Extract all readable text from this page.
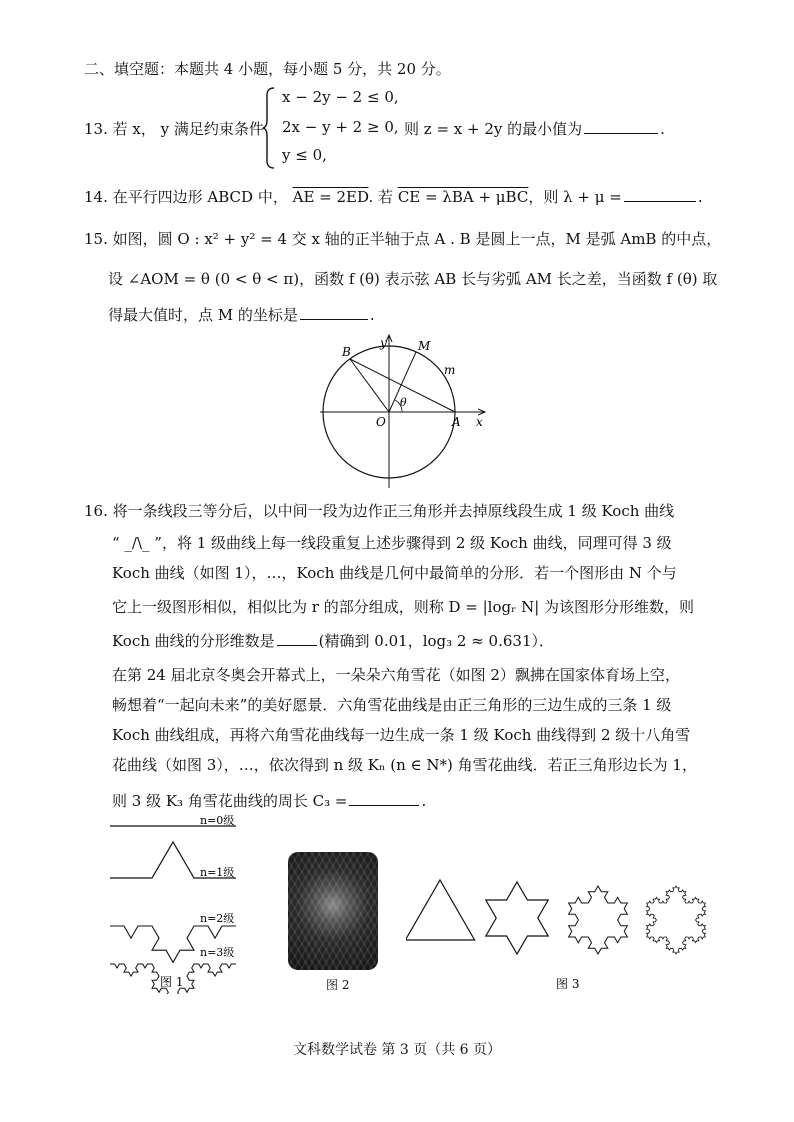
二、填空题：本题共 4 小题，每小题 5 分，共 20 分。
13. 若 x， y 满足约束条件
x − 2y − 2 ≤ 0,
2x − y + 2 ≥ 0,
y ≤ 0,
则 z = x + 2y 的最小值为	.
14. 在平行四边形 ABCD 中， AE = 2ED. 若 CE = λBA + μBC，则 λ + μ =	.
15. 如图，圆 O : x² + y² = 4 交 x 轴的正半轴于点 A . B 是圆上一点，M 是弧 AmB 的中点，
设 ∠AOM = θ (0 < θ < π)，函数 f (θ) 表示弦 AB 长与劣弧 AM 长之差，当函数 f (θ) 取
得最大值时，点 M 的坐标是	.
y
x
O	A
B	M
m
θ
16. 将一条线段三等分后，以中间一段为边作正三角形并去掉原线段生成 1 级 Koch 曲线
“ _/\_ ”，将 1 级曲线上每一线段重复上述步骤得到 2 级 Koch 曲线，同理可得 3 级
Koch 曲线（如图 1），…，Koch 曲线是几何中最简单的分形．若一个图形由 N 个与
它上一级图形相似，相似比为 r 的部分组成，则称 D = |logᵣ N| 为该图形分形维数，则
Koch 曲线的分形维数是	(精确到 0.01，log₃ 2 ≈ 0.631）．
在第 24 届北京冬奥会开幕式上，一朵朵六角雪花（如图 2）飘拂在国家体育场上空，
畅想着“一起向未来”的美好愿景．六角雪花曲线是由正三角形的三边生成的三条 1 级
Koch 曲线组成，再将六角雪花曲线每一边生成一条 1 级 Koch 曲线得到 2 级十八角雪
花曲线（如图 3），…，依次得到 n 级 Kₙ (n ∈ N*) 角雪花曲线．若正三角形边长为 1，
则 3 级 K₃ 角雪花曲线的周长 C₃ =	.
n=0级
n=1级
n=2级
n=3级
图 1	图 2	图 3
文科数学试卷 第 3 页（共 6 页）
